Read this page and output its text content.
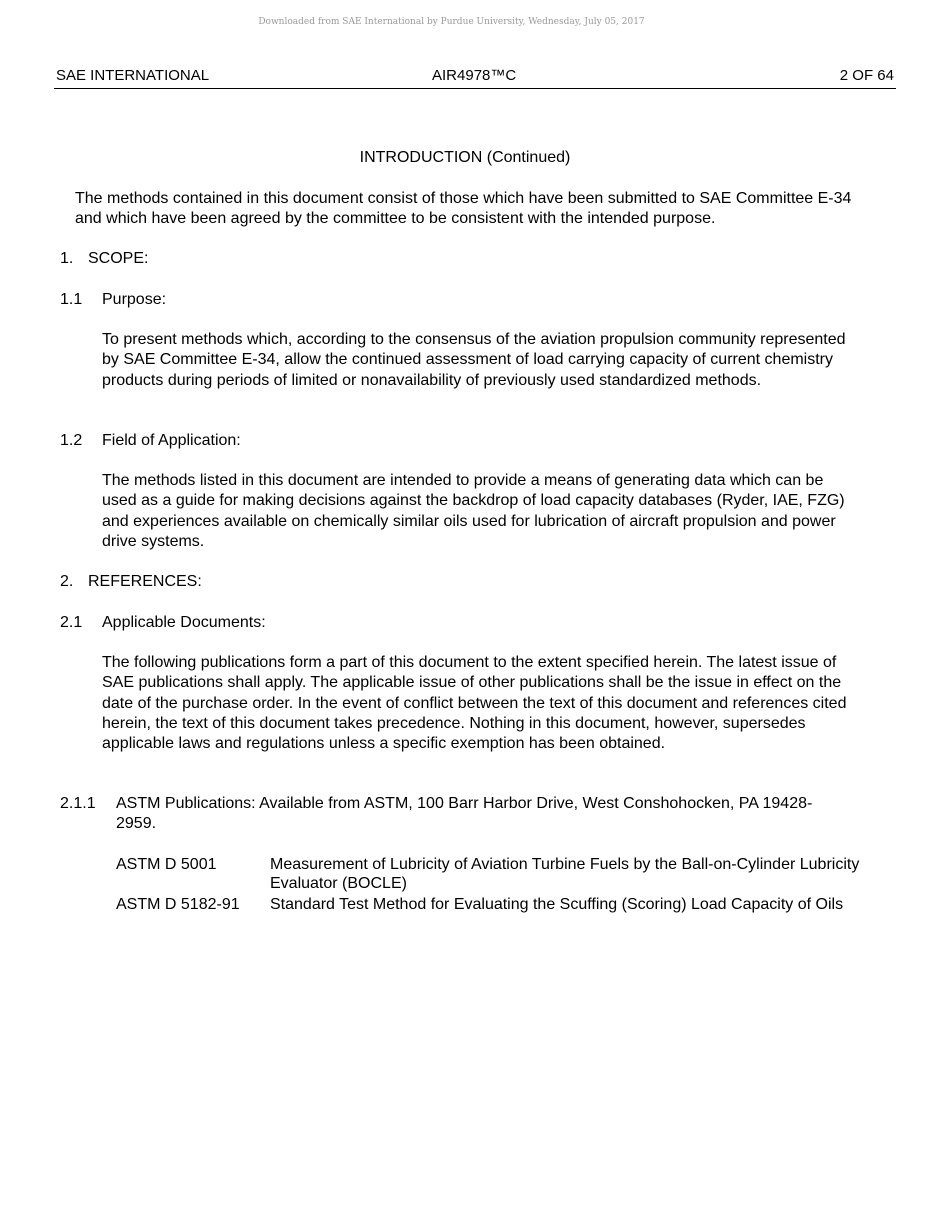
Downloaded from SAE International by Purdue University, Wednesday, July 05, 2017
SAE INTERNATIONAL	AIR4978™C	2 OF 64
INTRODUCTION (Continued)
The methods contained in this document consist of those which have been submitted to SAE Committee E-34 and which have been agreed by the committee to be consistent with the intended purpose.
1. SCOPE:
1.1 Purpose:
To present methods which, according to the consensus of the aviation propulsion community represented by SAE Committee E-34, allow the continued assessment of load carrying capacity of current chemistry products during periods of limited or nonavailability of previously used standardized methods.
1.2 Field of Application:
The methods listed in this document are intended to provide a means of generating data which can be used as a guide for making decisions against the backdrop of load capacity databases (Ryder, IAE, FZG) and experiences available on chemically similar oils used for lubrication of aircraft propulsion and power drive systems.
2. REFERENCES:
2.1 Applicable Documents:
The following publications form a part of this document to the extent specified herein. The latest issue of SAE publications shall apply. The applicable issue of other publications shall be the issue in effect on the date of the purchase order. In the event of conflict between the text of this document and references cited herein, the text of this document takes precedence. Nothing in this document, however, supersedes applicable laws and regulations unless a specific exemption has been obtained.
2.1.1 ASTM Publications: Available from ASTM, 100 Barr Harbor Drive, West Conshohocken, PA 19428-2959.
ASTM D 5001	Measurement of Lubricity of Aviation Turbine Fuels by the Ball-on-Cylinder Lubricity Evaluator (BOCLE)
ASTM D 5182-91	Standard Test Method for Evaluating the Scuffing (Scoring) Load Capacity of Oils
